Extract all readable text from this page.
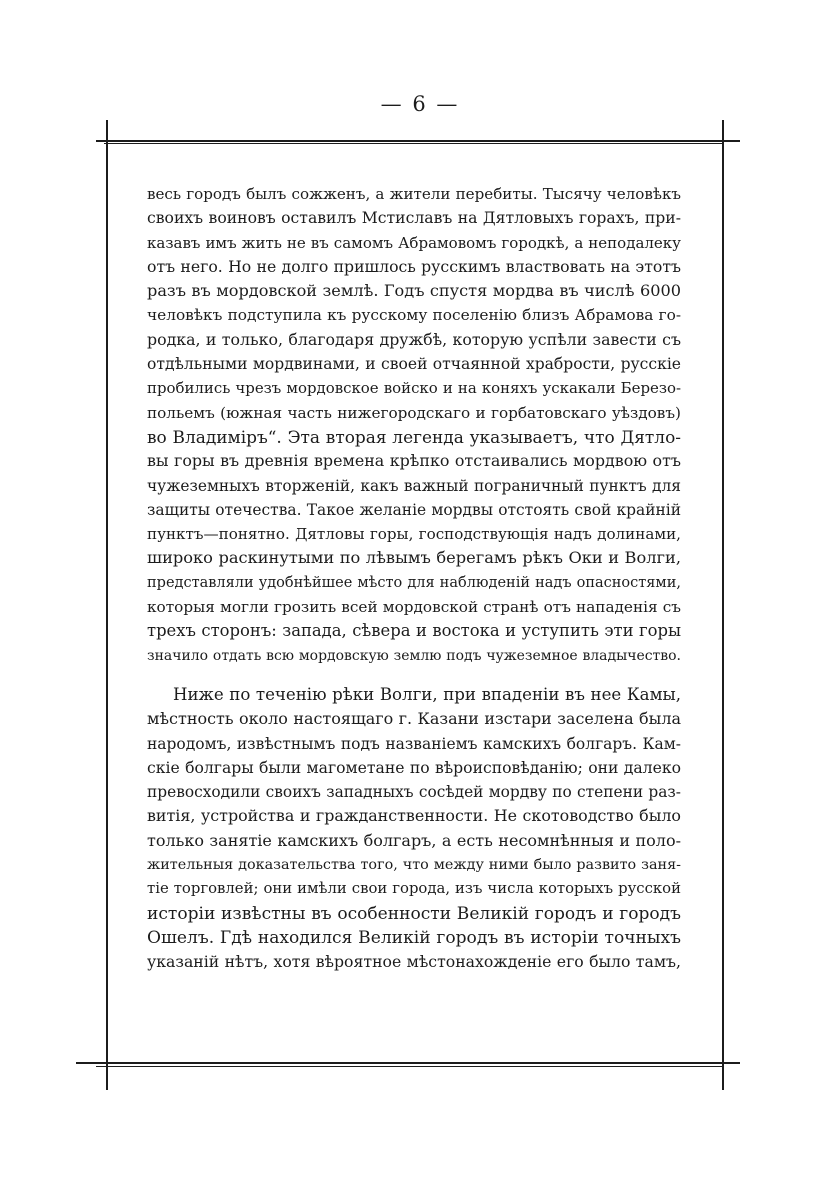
— 6 —

весь городъ былъ сожженъ, а жители перебиты. Тысячу человѣкъ
своихъ воиновъ оставилъ Мстиславъ на Дятловыхъ горахъ, при-
казавъ имъ жить не въ самомъ Абрамовомъ городкѣ, а неподалеку
отъ него. Но не долго пришлось русскимъ властвовать на этотъ
разъ въ мордовской землѣ. Годъ спустя мордва въ числѣ 6000
человѣкъ подступила къ русскому поселенію близъ Абрамова го-
родка, и только, благодаря дружбѣ, которую успѣли завести съ
отдѣльными мордвинами, и своей отчаянной храбрости, русскіе
пробились чрезъ мордовское войско и на коняхъ ускакали Березо-
польемъ (южная часть нижегородскаго и горбатовскаго уѣздовъ)
во Владиміръ“. Эта вторая легенда указываетъ, что Дятло-
вы горы въ древнія времена крѣпко отстаивались мордвою отъ
чужеземныхъ вторженій, какъ важный пограничный пунктъ для
защиты отечества. Такое желаніе мордвы отстоять свой крайній
пунктъ—понятно. Дятловы горы, господствующія надъ долинами,
широко раскинутыми по лѣвымъ берегамъ рѣкъ Оки и Волги,
представляли удобнѣйшее мѣсто для наблюденій надъ опасностями,
которыя могли грозить всей мордовской странѣ отъ нападенія съ
трехъ сторонъ: запада, сѣвера и востока и уступить эти горы
значило отдать всю мордовскую землю подъ чужеземное владычество.

Ниже по теченію рѣки Волги, при впаденіи въ нее Камы,
мѣстность около настоящаго г. Казани изстари заселена была
народомъ, извѣстнымъ подъ названіемъ камскихъ болгаръ. Кам-
скіе болгары были магометане по вѣроисповѣданію; они далеко
превосходили своихъ западныхъ сосѣдей мордву по степени раз-
витія, устройства и гражданственности. Не скотоводство было
только занятіе камскихъ болгаръ, а есть несомнѣнныя и поло-
жительныя доказательства того, что между ними было развито заня-
тіе торговлей; они имѣли свои города, изъ числа которыхъ русской
исторіи извѣстны въ особенности Великій городъ и городъ
Ошелъ. Гдѣ находился Великій городъ въ исторіи точныхъ
указаній нѣтъ, хотя вѣроятное мѣстонахожденіе его было тамъ,
